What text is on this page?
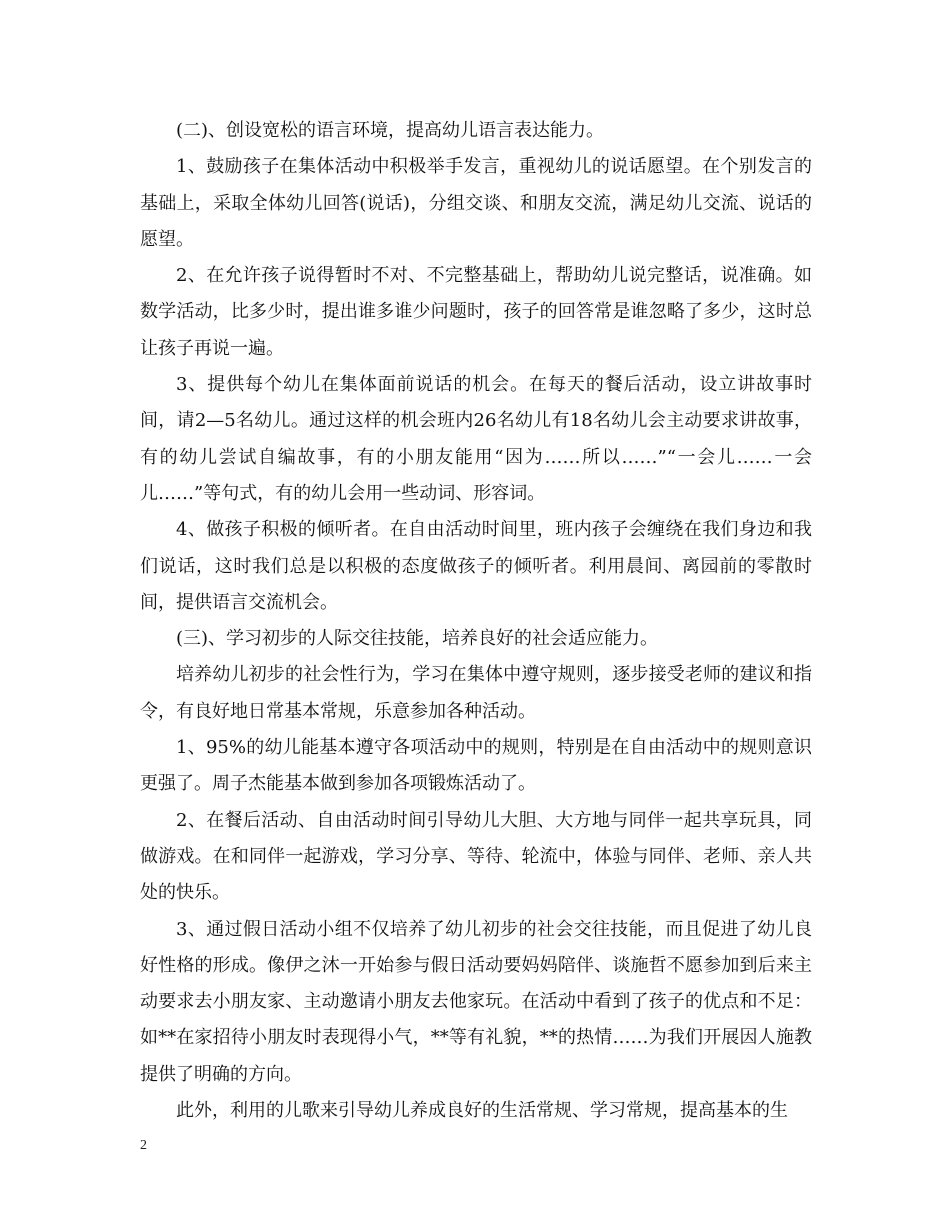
(二)、创设宽松的语言环境，提高幼儿语言表达能力。

1、鼓励孩子在集体活动中积极举手发言，重视幼儿的说话愿望。在个别发言的基础上，采取全体幼儿回答(说话)，分组交谈、和朋友交流，满足幼儿交流、说话的愿望。

2、在允许孩子说得暂时不对、不完整基础上，帮助幼儿说完整话，说准确。如数学活动，比多少时，提出谁多谁少问题时，孩子的回答常是谁忽略了多少，这时总让孩子再说一遍。

3、提供每个幼儿在集体面前说话的机会。在每天的餐后活动，设立讲故事时间，请2—5名幼儿。通过这样的机会班内26名幼儿有18名幼儿会主动要求讲故事，有的幼儿尝试自编故事，有的小朋友能用“因为……所以……”“一会儿……一会儿……”等句式，有的幼儿会用一些动词、形容词。

4、做孩子积极的倾听者。在自由活动时间里，班内孩子会缠绕在我们身边和我们说话，这时我们总是以积极的态度做孩子的倾听者。利用晨间、离园前的零散时间，提供语言交流机会。

(三)、学习初步的人际交往技能，培养良好的社会适应能力。

培养幼儿初步的社会性行为，学习在集体中遵守规则，逐步接受老师的建议和指令，有良好地日常基本常规，乐意参加各种活动。

1、95%的幼儿能基本遵守各项活动中的规则，特别是在自由活动中的规则意识更强了。周子杰能基本做到参加各项锻炼活动了。

2、在餐后活动、自由活动时间引导幼儿大胆、大方地与同伴一起共享玩具，同做游戏。在和同伴一起游戏，学习分享、等待、轮流中，体验与同伴、老师、亲人共处的快乐。

3、通过假日活动小组不仅培养了幼儿初步的社会交往技能，而且促进了幼儿良好性格的形成。像伊之沐一开始参与假日活动要妈妈陪伴、谈施哲不愿参加到后来主动要求去小朋友家、主动邀请小朋友去他家玩。在活动中看到了孩子的优点和不足：如**在家招待小朋友时表现得小气，**等有礼貌，**的热情……为我们开展因人施教提供了明确的方向。

此外，利用的儿歌来引导幼儿养成良好的生活常规、学习常规，提高基本的生

2
